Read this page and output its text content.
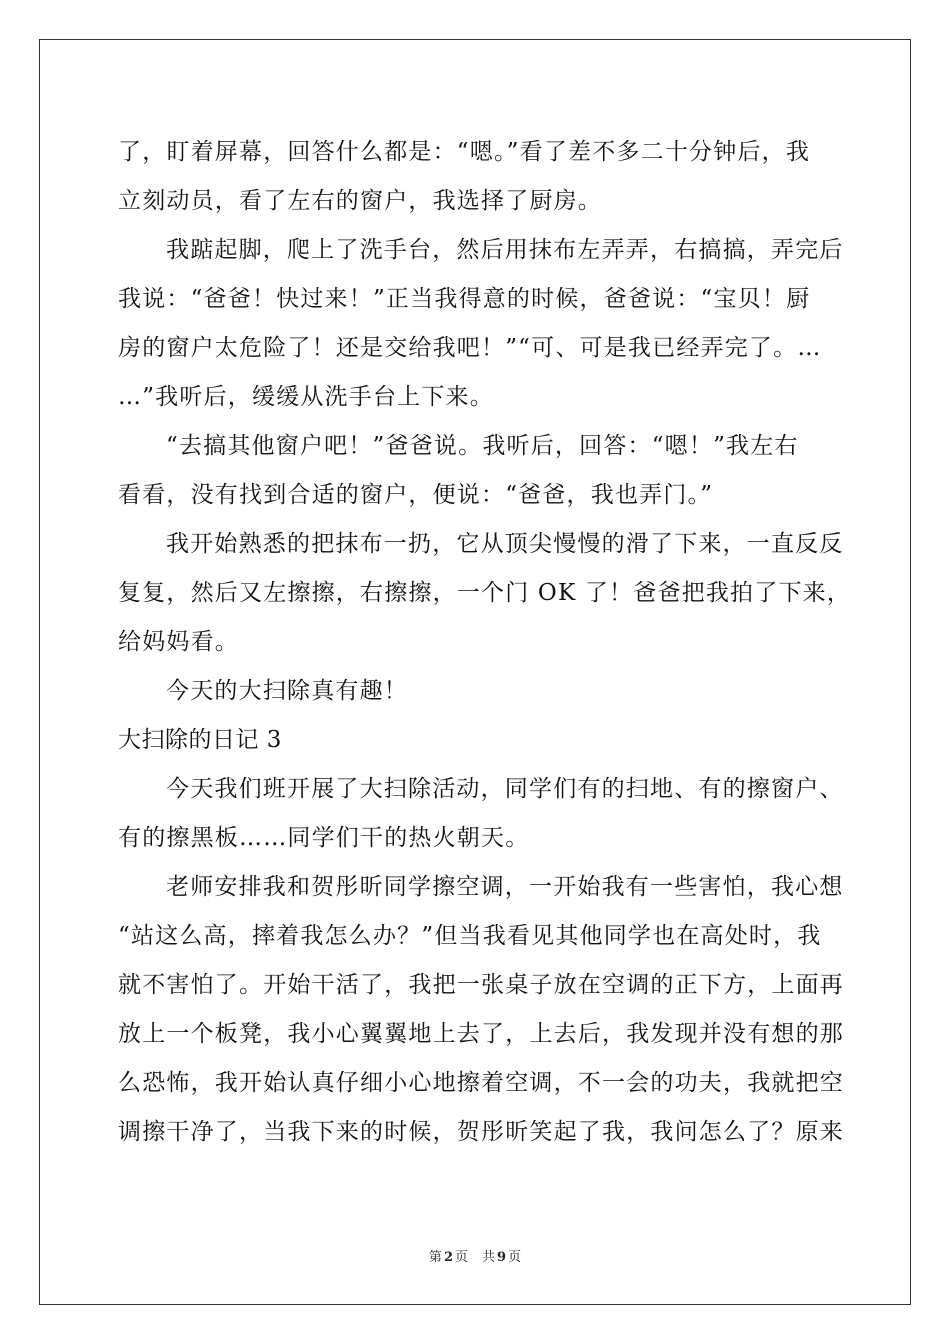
了，盯着屏幕，回答什么都是：“嗯。”看了差不多二十分钟后，我
立刻动员，看了左右的窗户，我选择了厨房。
我踮起脚，爬上了洗手台，然后用抹布左弄弄，右搞搞，弄完后
我说：“爸爸！快过来！”正当我得意的时候，爸爸说：“宝贝！厨
房的窗户太危险了！还是交给我吧！”“可、可是我已经弄完了。…
…”我听后，缓缓从洗手台上下来。
“去搞其他窗户吧！”爸爸说。我听后，回答：“嗯！”我左右
看看，没有找到合适的窗户，便说：“爸爸，我也弄门。”
我开始熟悉的把抹布一扔，它从顶尖慢慢的滑了下来，一直反反
复复，然后又左擦擦，右擦擦，一个门 OK 了！爸爸把我拍了下来，
给妈妈看。
今天的大扫除真有趣！
大扫除的日记 3
今天我们班开展了大扫除活动，同学们有的扫地、有的擦窗户、
有的擦黑板……同学们干的热火朝天。
老师安排我和贺彤昕同学擦空调，一开始我有一些害怕，我心想
“站这么高，摔着我怎么办？”但当我看见其他同学也在高处时，我
就不害怕了。开始干活了，我把一张桌子放在空调的正下方，上面再
放上一个板凳，我小心翼翼地上去了，上去后，我发现并没有想的那
么恐怖，我开始认真仔细小心地擦着空调，不一会的功夫，我就把空
调擦干净了，当我下来的时候，贺彤昕笑起了我，我问怎么了？原来
第 2 页 共 9 页
